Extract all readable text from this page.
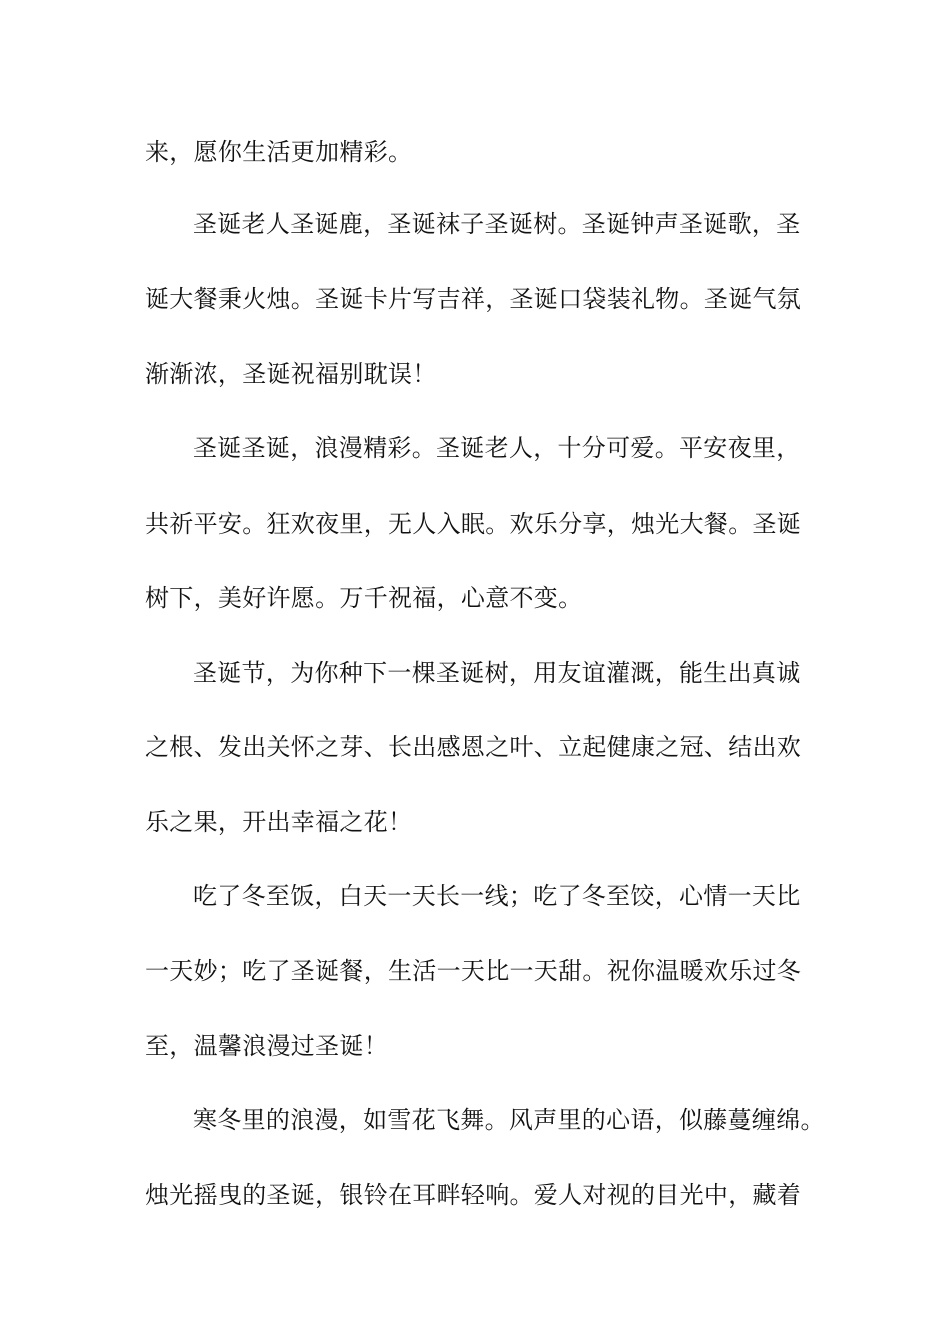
来，愿你生活更加精彩。
圣诞老人圣诞鹿，圣诞袜子圣诞树。圣诞钟声圣诞歌，圣
诞大餐秉火烛。圣诞卡片写吉祥，圣诞口袋装礼物。圣诞气氛
渐渐浓，圣诞祝福别耽误！
圣诞圣诞，浪漫精彩。圣诞老人，十分可爱。平安夜里，
共祈平安。狂欢夜里，无人入眠。欢乐分享，烛光大餐。圣诞
树下，美好许愿。万千祝福，心意不变。
圣诞节，为你种下一棵圣诞树，用友谊灌溉，能生出真诚
之根、发出关怀之芽、长出感恩之叶、立起健康之冠、结出欢
乐之果，开出幸福之花！
吃了冬至饭，白天一天长一线；吃了冬至饺，心情一天比
一天妙；吃了圣诞餐，生活一天比一天甜。祝你温暖欢乐过冬
至，温馨浪漫过圣诞！
寒冬里的浪漫，如雪花飞舞。风声里的心语，似藤蔓缠绵。
烛光摇曳的圣诞，银铃在耳畔轻响。爱人对视的目光中，藏着
